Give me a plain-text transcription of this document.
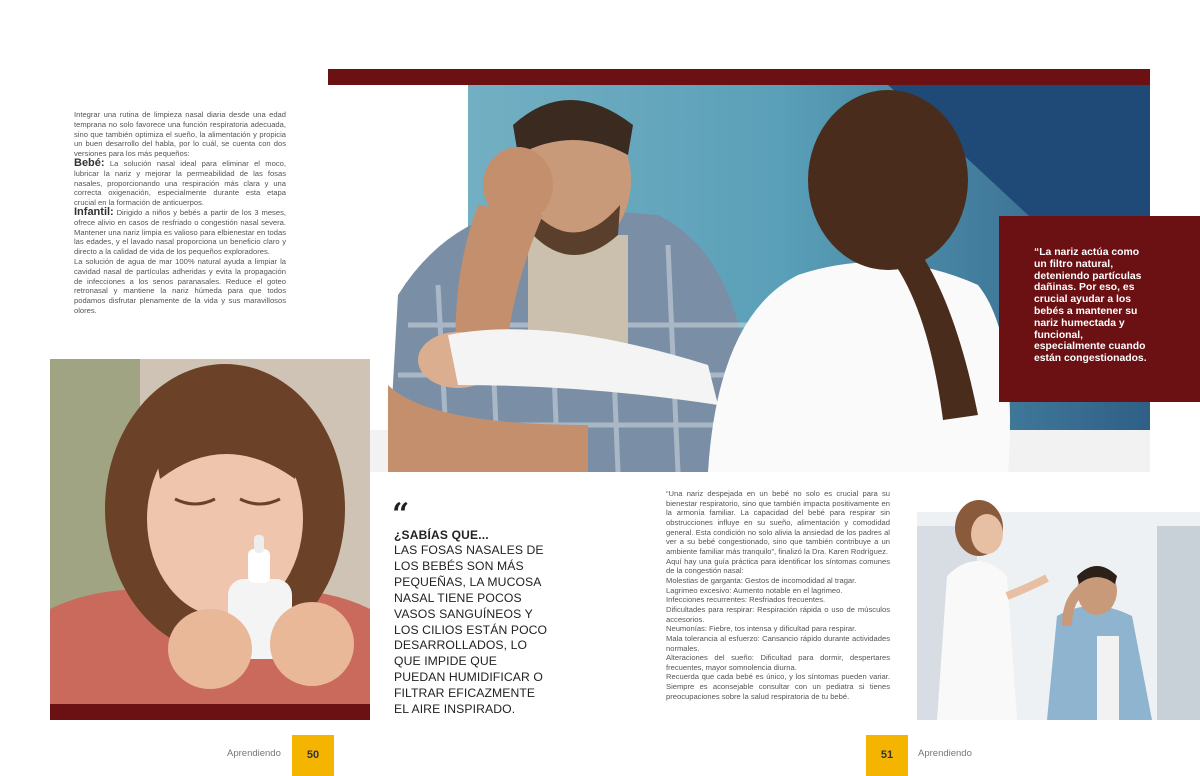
Integrar una rutina de limpieza nasal diaria desde una edad temprana no solo favorece una función respiratoria adecuada, sino que también optimiza el sueño, la alimentación y propicia un buen desarrollo del habla, por lo cuál, se cuenta con dos versiones para los más pequeños:

Bebé: La solución nasal ideal para eliminar el moco, lubricar la nariz y mejorar la permeabilidad de las fosas nasales, proporcionando una respiración más clara y una correcta oxigenación, especialmente durante esta etapa crucial en la formación de anticuerpos.

Infantil: Dirigido a niños y bebés a partir de los 3 meses, ofrece alivio en casos de resfriado o congestión nasal severa. Mantener una nariz limpia es valioso para elbienestar en todas las edades, y el lavado nasal proporciona un beneficio claro y directo a la calidad de vida de los pequeños exploradores.

La solución de agua de mar 100% natural ayuda a limpiar la cavidad nasal de partículas adheridas y evita la propagación de infecciones a los senos paranasales. Reduce el goteo retronasal y mantiene la nariz húmeda para que todos podamos disfrutar plenamente de la vida y sus maravillosos olores.

“La nariz actúa como un filtro natural, deteniendo partículas dañinas. Por eso, es crucial ayudar a los bebés a mantener su nariz humectada y funcional, especialmente cuando están congestionados.
“
¿SABÍAS QUE...
LAS FOSAS NASALES DE LOS BEBÉS SON MÁS PEQUEÑAS, LA MUCOSA NASAL TIENE POCOS VASOS SANGUÍNEOS Y LOS CILIOS ESTÁN POCO DESARROLLADOS, LO QUE IMPIDE QUE PUEDAN HUMIDIFICAR O FILTRAR EFICAZMENTE EL AIRE INSPIRADO.

“Una nariz despejada en un bebé no solo es crucial para su bienestar respiratorio, sino que también impacta positivamente en la armonía familiar. La capacidad del bebé para respirar sin obstrucciones influye en su sueño, alimentación y comodidad general. Esta condición no solo alivia la ansiedad de los padres al ver a su bebé congestionado, sino que también contribuye a un ambiente familiar más tranquilo”, finalizó la Dra. Karen Rodríguez.

Aquí hay una guía práctica para identificar los síntomas comunes de la congestión nasal:

Molestias de garganta: Gestos de incomodidad al tragar.

Lagrimeo excesivo: Aumento notable en el lagrimeo.

Infecciones recurrentes: Resfriados frecuentes.

Dificultades para respirar: Respiración rápida o uso de músculos accesorios.

Neumonías: Fiebre, tos intensa y dificultad para respirar.

Mala tolerancia al esfuerzo: Cansancio rápido durante actividades normales.

Alteraciones del sueño: Dificultad para dormir, despertares frecuentes, mayor somnolencia diurna.

Recuerda que cada bebé es único, y los síntomas pueden variar. Siempre es aconsejable consultar con un pediatra si tienes preocupaciones sobre la salud respiratoria de tu bebé.

Aprendiendo	50	51	Aprendiendo
